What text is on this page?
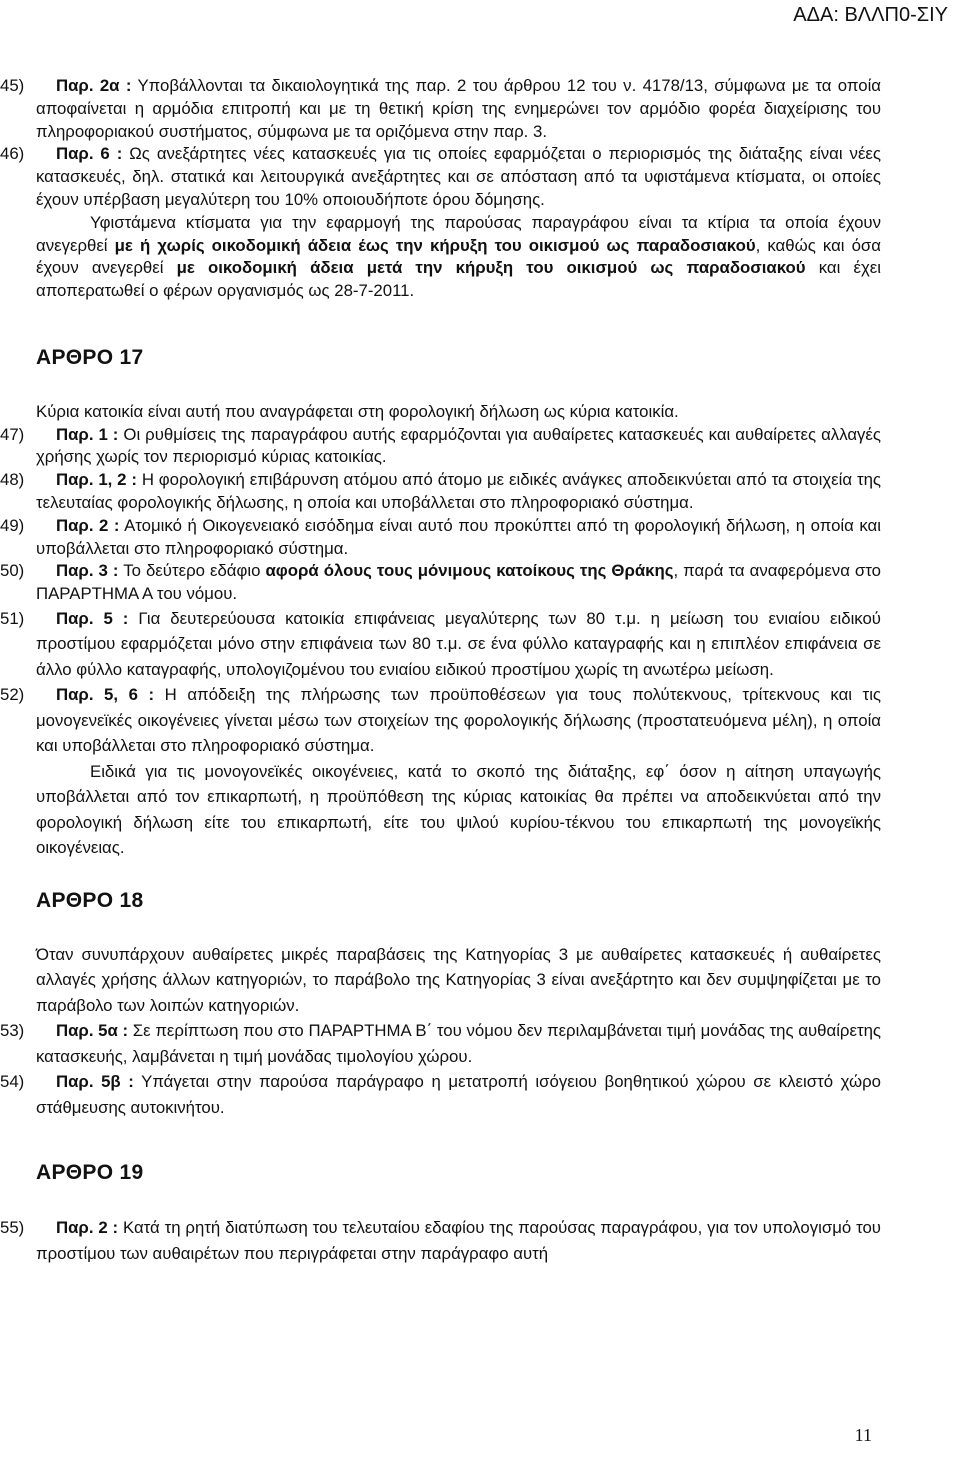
ΑΔΑ: ΒΛΛΠ0-ΣΙΥ

45) Παρ. 2α : Υποβάλλονται τα δικαιολογητικά της παρ. 2 του άρθρου 12 του ν. 4178/13, σύμφωνα με τα οποία αποφαίνεται η αρμόδια επιτροπή και με τη θετική κρίση της ενημερώνει τον αρμόδιο φορέα διαχείρισης του πληροφοριακού συστήματος, σύμφωνα με τα οριζόμενα στην παρ. 3.

46) Παρ. 6 : Ως ανεξάρτητες νέες κατασκευές για τις οποίες εφαρμόζεται ο περιορισμός της διάταξης είναι νέες κατασκευές, δηλ. στατικά και λειτουργικά ανεξάρτητες και σε απόσταση από τα υφιστάμενα κτίσματα, οι οποίες έχουν υπέρβαση μεγαλύτερη του 10% οποιουδήποτε όρου δόμησης.

Υφιστάμενα κτίσματα για την εφαρμογή της παρούσας παραγράφου είναι τα κτίρια τα οποία έχουν ανεγερθεί με ή χωρίς οικοδομική άδεια έως την κήρυξη του οικισμού ως παραδοσιακού, καθώς και όσα έχουν ανεγερθεί με οικοδομική άδεια μετά την κήρυξη του οικισμού ως παραδοσιακού και έχει αποπερατωθεί ο φέρων οργανισμός ως 28-7-2011.

ΑΡΘΡΟ 17

Κύρια κατοικία είναι αυτή που αναγράφεται στη φορολογική δήλωση ως κύρια κατοικία.

47) Παρ. 1 : Οι ρυθμίσεις της παραγράφου αυτής εφαρμόζονται για αυθαίρετες κατασκευές και αυθαίρετες αλλαγές χρήσης χωρίς τον περιορισμό κύριας κατοικίας.

48) Παρ. 1, 2 : Η φορολογική επιβάρυνση ατόμου από άτομο με ειδικές ανάγκες αποδεικνύεται από τα στοιχεία της τελευταίας φορολογικής δήλωσης, η οποία και υποβάλλεται στο πληροφοριακό σύστημα.

49) Παρ. 2 : Ατομικό ή Οικογενειακό εισόδημα είναι αυτό που προκύπτει από τη φορολογική δήλωση, η οποία και υποβάλλεται στο πληροφοριακό σύστημα.

50) Παρ. 3 : Το δεύτερο εδάφιο αφορά όλους τους μόνιμους κατοίκους της Θράκης, παρά τα αναφερόμενα στο ΠΑΡΑΡΤΗΜΑ Α του νόμου.

51) Παρ. 5 : Για δευτερεύουσα κατοικία επιφάνειας μεγαλύτερης των 80 τ.μ. η μείωση του ενιαίου ειδικού προστίμου εφαρμόζεται μόνο στην επιφάνεια των 80 τ.μ. σε ένα φύλλο καταγραφής και η επιπλέον επιφάνεια σε άλλο φύλλο καταγραφής, υπολογιζομένου του ενιαίου ειδικού προστίμου χωρίς τη ανωτέρω μείωση.

52) Παρ. 5, 6 : Η απόδειξη της πλήρωσης των προϋποθέσεων για τους πολύτεκνους, τρίτεκνους και τις μονογενεϊκές οικογένειες γίνεται μέσω των στοιχείων της φορολογικής δήλωσης (προστατευόμενα μέλη), η οποία και υποβάλλεται στο πληροφοριακό σύστημα.

Ειδικά για τις μονογονεϊκές οικογένειες, κατά το σκοπό της διάταξης, εφ΄ όσον η αίτηση υπαγωγής υποβάλλεται από τον επικαρπωτή, η προϋπόθεση της κύριας κατοικίας θα πρέπει να αποδεικνύεται από την φορολογική δήλωση είτε του επικαρπωτή, είτε του ψιλού κυρίου-τέκνου του επικαρπωτή της μονογεϊκής οικογένειας.

ΑΡΘΡΟ 18

Όταν συνυπάρχουν αυθαίρετες μικρές παραβάσεις της Κατηγορίας 3 με αυθαίρετες κατασκευές ή αυθαίρετες αλλαγές χρήσης άλλων κατηγοριών, το παράβολο της Κατηγορίας 3 είναι ανεξάρτητο και δεν συμψηφίζεται με το παράβολο των λοιπών κατηγοριών.

53) Παρ. 5α : Σε περίπτωση που στο ΠΑΡΑΡΤΗΜΑ Β΄ του νόμου δεν περιλαμβάνεται τιμή μονάδας της αυθαίρετης κατασκευής, λαμβάνεται η τιμή μονάδας τιμολογίου χώρου.

54) Παρ. 5β : Υπάγεται στην παρούσα παράγραφο η μετατροπή ισόγειου βοηθητικού χώρου σε κλειστό χώρο στάθμευσης αυτοκινήτου.

ΑΡΘΡΟ 19

55) Παρ. 2 : Κατά τη ρητή διατύπωση του τελευταίου εδαφίου της παρούσας παραγράφου, για τον υπολογισμό του προστίμου των αυθαιρέτων που περιγράφεται στην παράγραφο αυτή

11
